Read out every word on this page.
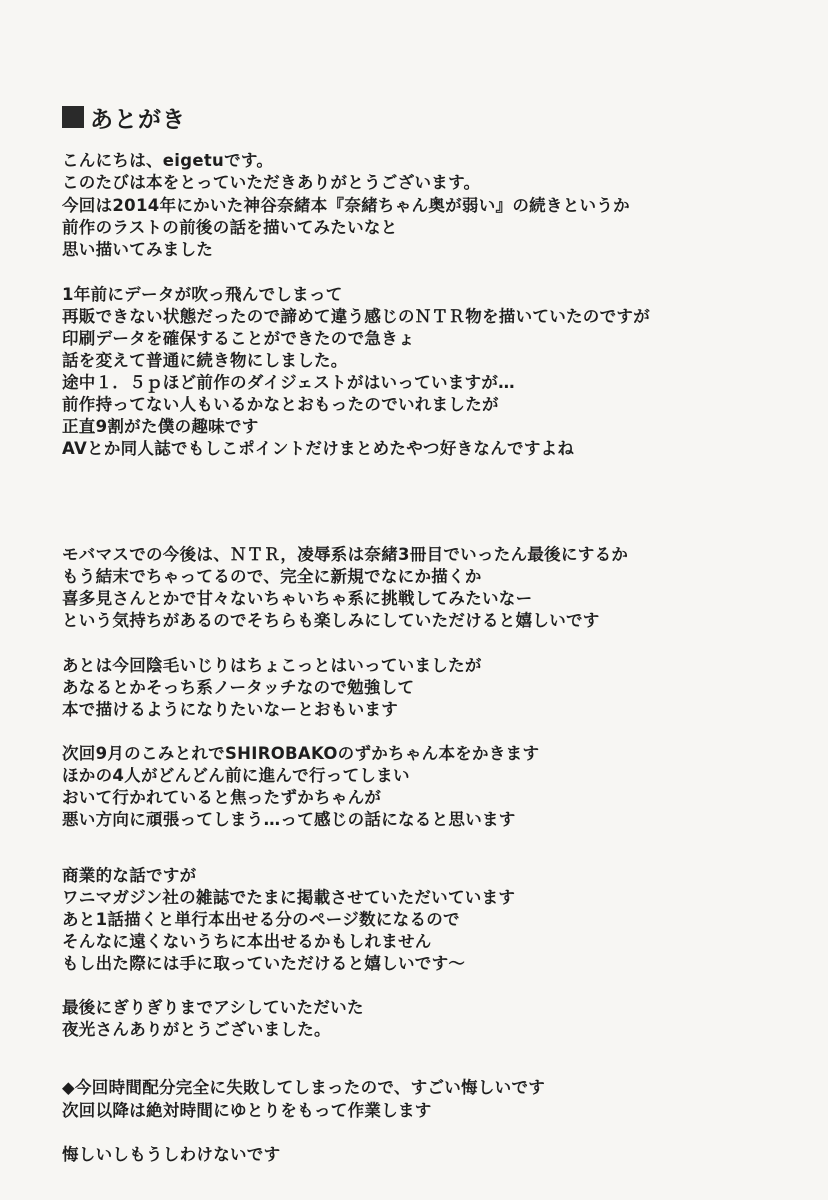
あとがき
こんにちは、eigetuです。
このたびは本をとっていただきありがとうございます。
今回は2014年にかいた神谷奈緒本『奈緒ちゃん奥が弱い』の続きというか
前作のラストの前後の話を描いてみたいなと
思い描いてみました
1年前にデータが吹っ飛んでしまって
再販できない状態だったので諦めて違う感じのＮＴＲ物を描いていたのですが
印刷データを確保することができたので急きょ
話を変えて普通に続き物にしました。
途中１．５ｐほど前作のダイジェストがはいっていますが…
前作持ってない人もいるかなとおもったのでいれましたが
正直9割がた僕の趣味です
AVとか同人誌でもしこポイントだけまとめたやつ好きなんですよね
モバマスでの今後は、ＮＴＲ，凌辱系は奈緒3冊目でいったん最後にするか
もう結末でちゃってるので、完全に新規でなにか描くか
喜多見さんとかで甘々ないちゃいちゃ系に挑戦してみたいなー
という気持ちがあるのでそちらも楽しみにしていただけると嬉しいです
あとは今回陰毛いじりはちょこっとはいっていましたが
あなるとかそっち系ノータッチなので勉強して
本で描けるようになりたいなーとおもいます
次回9月のこみとれでSHIROBAKOのずかちゃん本をかきます
ほかの4人がどんどん前に進んで行ってしまい
おいて行かれていると焦ったずかちゃんが
悪い方向に頑張ってしまう…って感じの話になると思います
商業的な話ですが
ワニマガジン社の雑誌でたまに掲載させていただいています
あと1話描くと単行本出せる分のページ数になるので
そんなに遠くないうちに本出せるかもしれません
もし出た際には手に取っていただけると嬉しいです～
最後にぎりぎりまでアシしていただいた
夜光さんありがとうございました。
◆今回時間配分完全に失敗してしまったので、すごい悔しいです
次回以降は絶対時間にゆとりをもって作業します
悔しいしもうしわけないです
